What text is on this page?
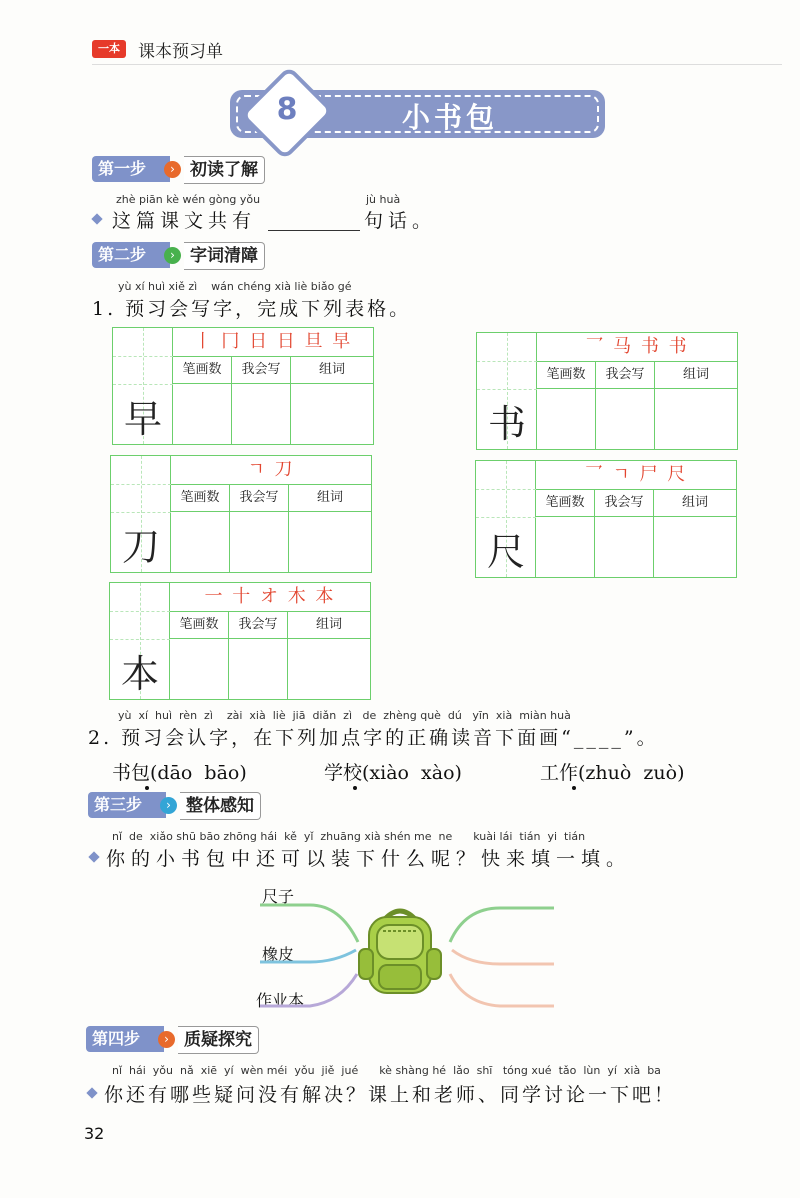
一本	课本预习单
8	小书包
第一步	› 初读了解
zhè piān kè wén gòng yǒu	jù huà
这篇课文共有	句话。
第二步	› 字词清障
yù xí huì xiě zì    wán chéng xià liè biǎo gé
1. 预习会写字，完成下列表格。
早
丨 冂 日 日 旦 早
笔画数	我会写	组词
书
乛 马 书 书
笔画数	我会写	组词
刀
ㄱ 刀
笔画数	我会写	组词
尺
乛 ㄱ 尸 尺
笔画数	我会写	组词
本
一 十 オ 木 本
笔画数	我会写	组词
yù  xí  huì  rèn  zì    zài  xià  liè  jiā  diǎn  zì   de  zhèng què  dú   yīn  xià  miàn huà
2. 预习会认字，在下列加点字的正确读音下面画“____”。
书包(dāo  bāo)	学校(xiào  xào)	工作(zhuò  zuò)
第三步	› 整体感知
nǐ  de  xiǎo shū bāo zhōng hái  kě  yǐ  zhuāng xià shén me  ne      kuài lái  tián  yi  tián
你的小书包中还可以装下什么呢？快来填一填。
尺子
橡皮
作业本
第四步	› 质疑探究
nǐ  hái  yǒu  nǎ  xiē  yí  wèn méi  yǒu  jiě  jué      kè shàng hé  lǎo  shī   tóng xué  tǎo  lùn  yí  xià  ba
你还有哪些疑问没有解决？课上和老师、同学讨论一下吧！
32
